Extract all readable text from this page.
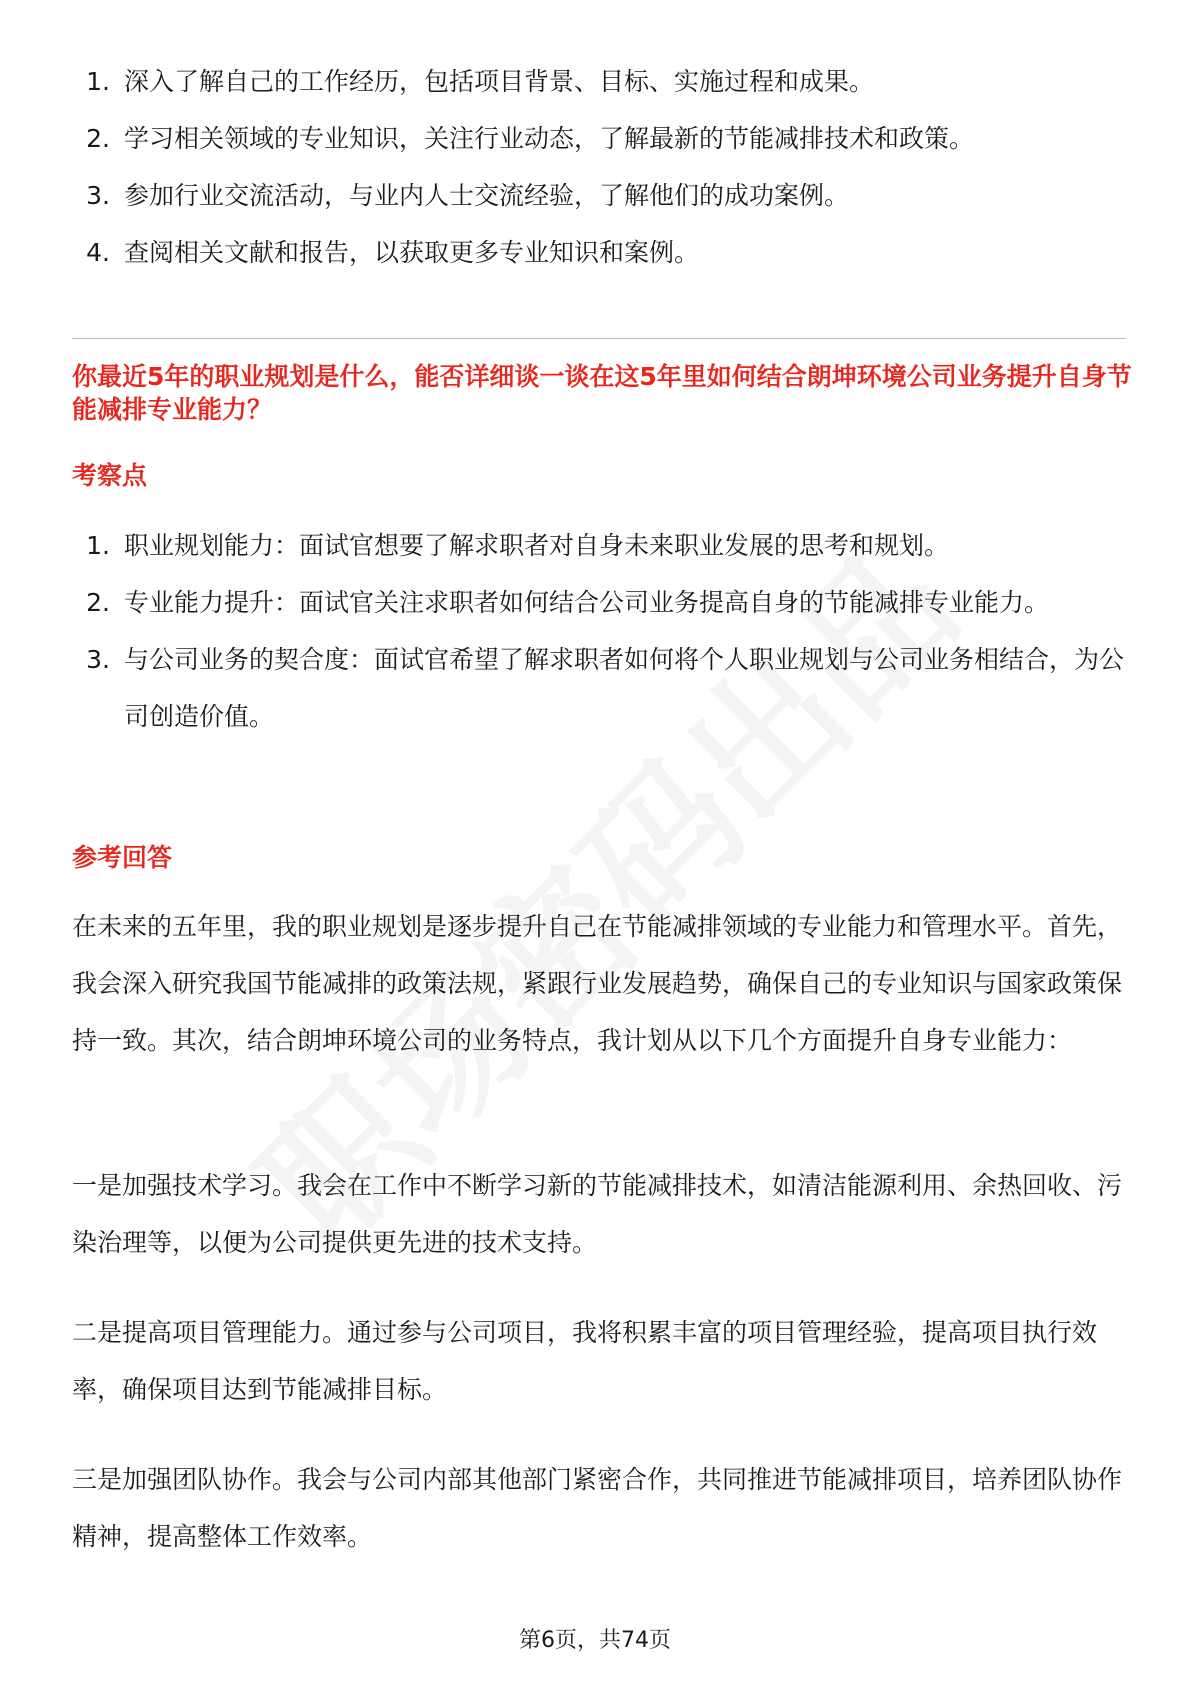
1. 深入了解自己的工作经历，包括项目背景、目标、实施过程和成果。
2. 学习相关领域的专业知识，关注行业动态，了解最新的节能减排技术和政策。
3. 参加行业交流活动，与业内人士交流经验，了解他们的成功案例。
4. 查阅相关文献和报告，以获取更多专业知识和案例。
你最近5年的职业规划是什么，能否详细谈一谈在这5年里如何结合朗坤环境公司业务提升自身节能减排专业能力？
考察点
1. 职业规划能力：面试官想要了解求职者对自身未来职业发展的思考和规划。
2. 专业能力提升：面试官关注求职者如何结合公司业务提高自身的节能减排专业能力。
3. 与公司业务的契合度：面试官希望了解求职者如何将个人职业规划与公司业务相结合，为公司创造价值。
参考回答

在未来的五年里，我的职业规划是逐步提升自己在节能减排领域的专业能力和管理水平。首先，我会深入研究我国节能减排的政策法规，紧跟行业发展趋势，确保自己的专业知识与国家政策保持一致。其次，结合朗坤环境公司的业务特点，我计划从以下几个方面提升自身专业能力：

一是加强技术学习。我会在工作中不断学习新的节能减排技术，如清洁能源利用、余热回收、污染治理等，以便为公司提供更先进的技术支持。

二是提高项目管理能力。通过参与公司项目，我将积累丰富的项目管理经验，提高项目执行效率，确保项目达到节能减排目标。

三是加强团队协作。我会与公司内部其他部门紧密合作，共同推进节能减排项目，培养团队协作精神，提高整体工作效率。

第6页，共74页
